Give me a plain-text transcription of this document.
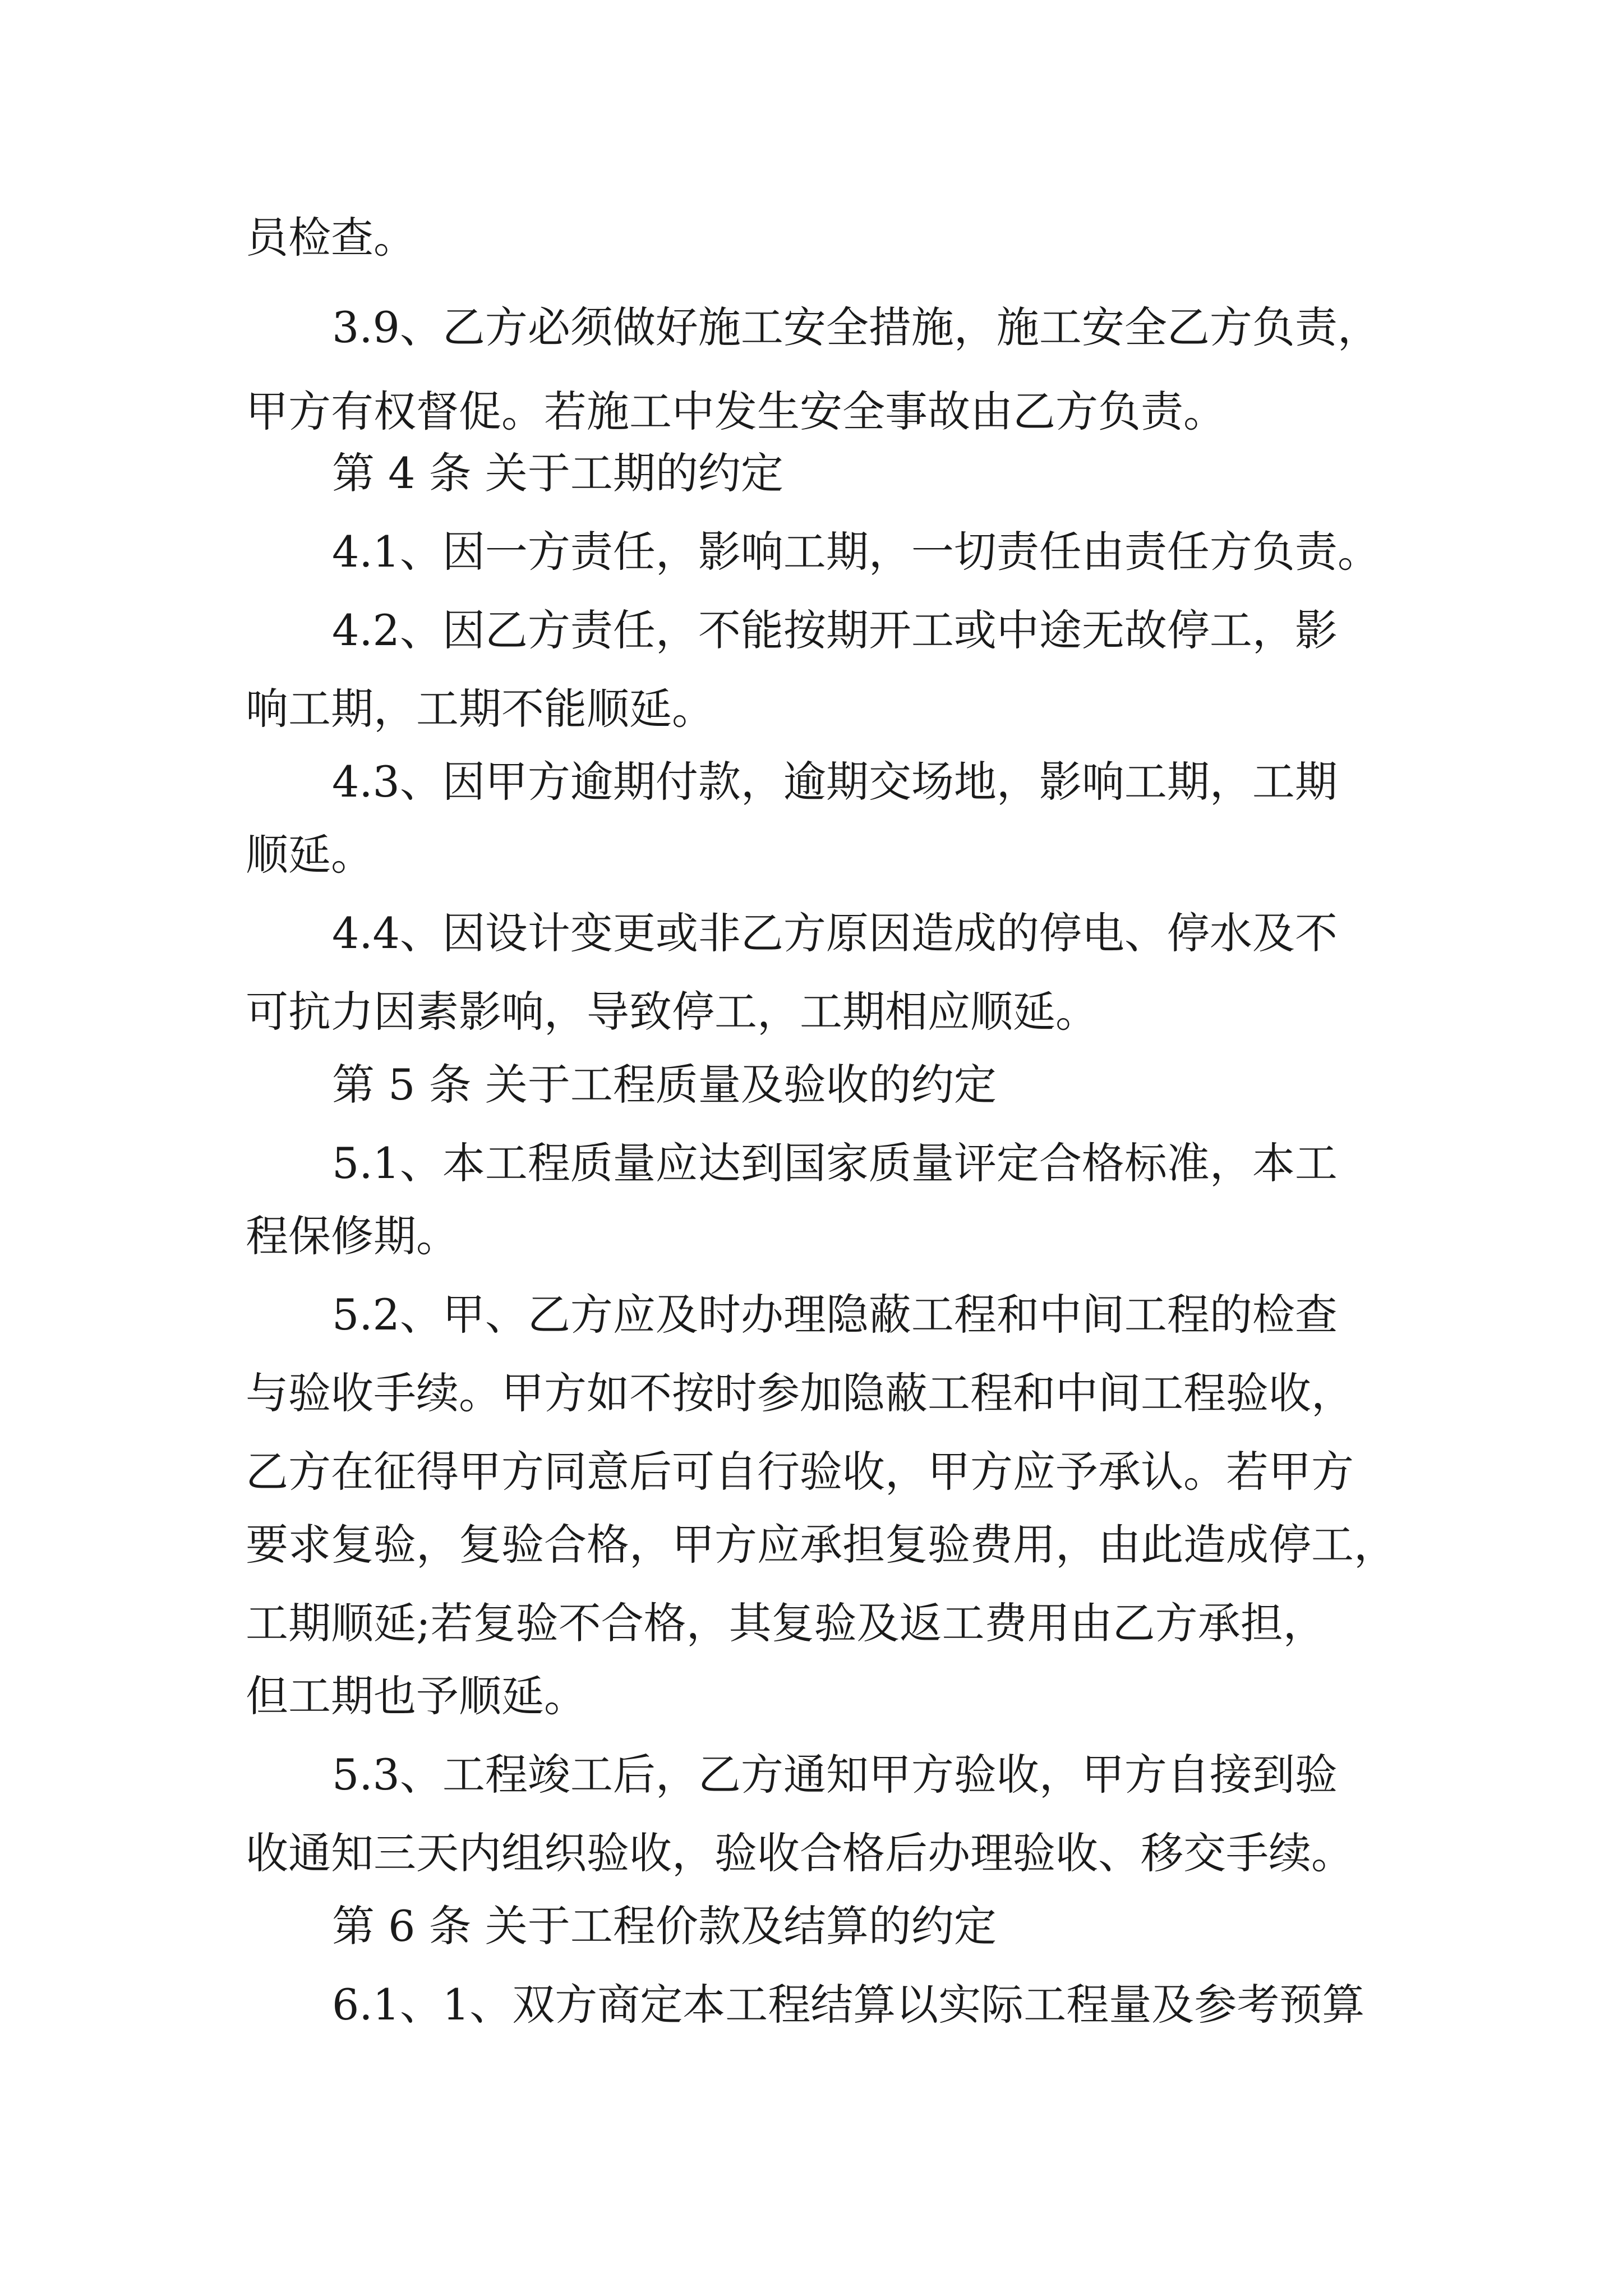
员检查。
3.9、乙方必须做好施工安全措施，施工安全乙方负责，
甲方有权督促。若施工中发生安全事故由乙方负责。
第 4 条 关于工期的约定
4.1、因一方责任，影响工期，一切责任由责任方负责。
4.2、因乙方责任，不能按期开工或中途无故停工，影
响工期，工期不能顺延。
4.3、因甲方逾期付款，逾期交场地，影响工期，工期
顺延。
4.4、因设计变更或非乙方原因造成的停电、停水及不
可抗力因素影响，导致停工，工期相应顺延。
第 5 条 关于工程质量及验收的约定
5.1、本工程质量应达到国家质量评定合格标准，本工
程保修期。
5.2、甲、乙方应及时办理隐蔽工程和中间工程的检查
与验收手续。甲方如不按时参加隐蔽工程和中间工程验收，
乙方在征得甲方同意后可自行验收，甲方应予承认。若甲方
要求复验，复验合格，甲方应承担复验费用，由此造成停工，
工期顺延;若复验不合格，其复验及返工费用由乙方承担，
但工期也予顺延。
5.3、工程竣工后，乙方通知甲方验收，甲方自接到验
收通知三天内组织验收，验收合格后办理验收、移交手续。
第 6 条 关于工程价款及结算的约定
6.1、1、双方商定本工程结算以实际工程量及参考预算
